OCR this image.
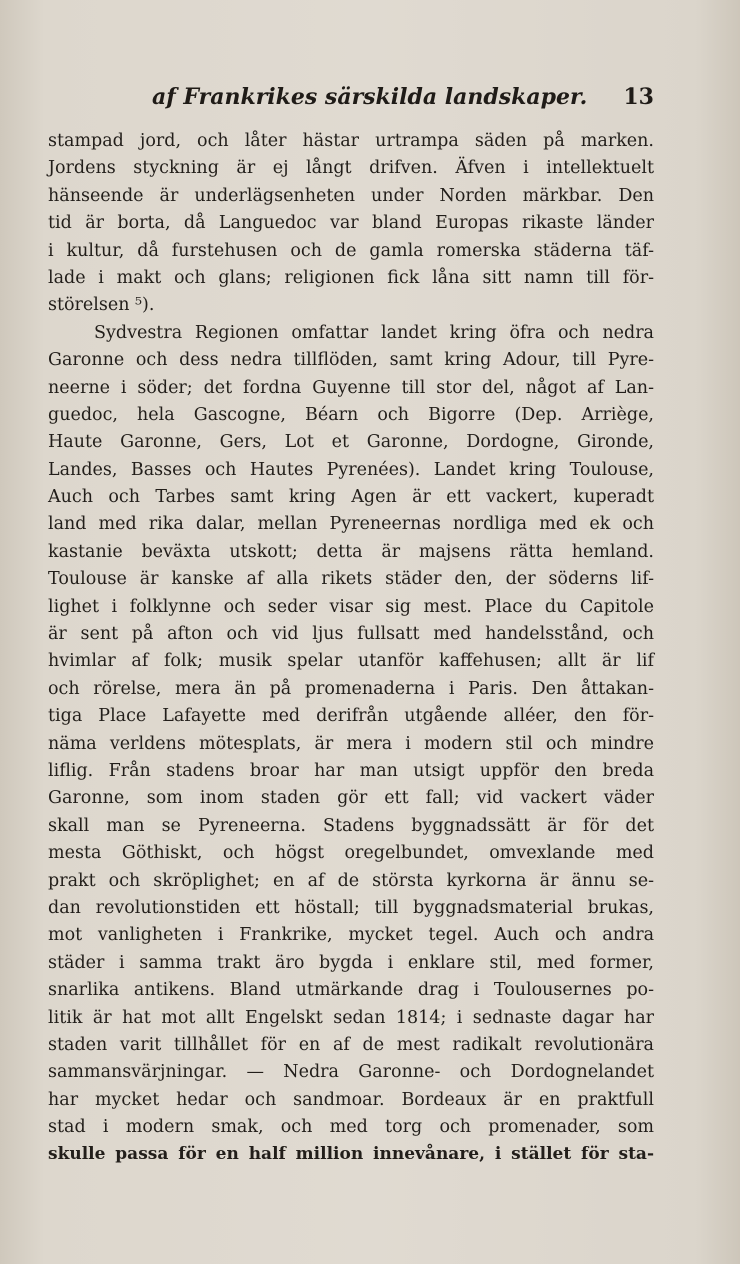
af Frankrikes särskilda landskaper. 13
stampad jord, och låter hästar urtrampa säden på marken.
Jordens styckning är ej långt drifven. Äfven i intellektuelt
hänseende är underlägsenheten under Norden märkbar. Den
tid är borta, då Languedoc var bland Europas rikaste länder
i kultur, då furstehusen och de gamla romerska städerna täf-
lade i makt och glans; religionen fick låna sitt namn till för-
störelsen ⁵).
Sydvestra Regionen omfattar landet kring öfra och nedra
Garonne och dess nedra tillflöden, samt kring Adour, till Pyre-
neerne i söder; det fordna Guyenne till stor del, något af Lan-
guedoc, hela Gascogne, Béarn och Bigorre (Dep. Arriège,
Haute Garonne, Gers, Lot et Garonne, Dordogne, Gironde,
Landes, Basses och Hautes Pyrenées). Landet kring Toulouse,
Auch och Tarbes samt kring Agen är ett vackert, kuperadt
land med rika dalar, mellan Pyreneernas nordliga med ek och
kastanie beväxta utskott; detta är majsens rätta hemland.
Toulouse är kanske af alla rikets städer den, der söderns lif-
lighet i folklynne och seder visar sig mest. Place du Capitole
är sent på afton och vid ljus fullsatt med handelsstånd, och
hvimlar af folk; musik spelar utanför kaffehusen; allt är lif
och rörelse, mera än på promenaderna i Paris. Den åttakan-
tiga Place Lafayette med derifrån utgående alléer, den för-
näma verldens mötesplats, är mera i modern stil och mindre
liflig. Från stadens broar har man utsigt uppför den breda
Garonne, som inom staden gör ett fall; vid vackert väder
skall man se Pyreneerna. Stadens byggnadssätt är för det
mesta Göthiskt, och högst oregelbundet, omvexlande med
prakt och skröplighet; en af de största kyrkorna är ännu se-
dan revolutionstiden ett höstall; till byggnadsmaterial brukas,
mot vanligheten i Frankrike, mycket tegel. Auch och andra
städer i samma trakt äro bygda i enklare stil, med former,
snarlika antikens. Bland utmärkande drag i Toulousernes po-
litik är hat mot allt Engelskt sedan 1814; i sednaste dagar har
staden varit tillhållet för en af de mest radikalt revolutionära
sammansvärjningar. — Nedra Garonne- och Dordognelandet
har mycket hedar och sandmoar. Bordeaux är en praktfull
stad i modern smak, och med torg och promenader, som
skulle passa för en half million innevånare, i stället för sta-
